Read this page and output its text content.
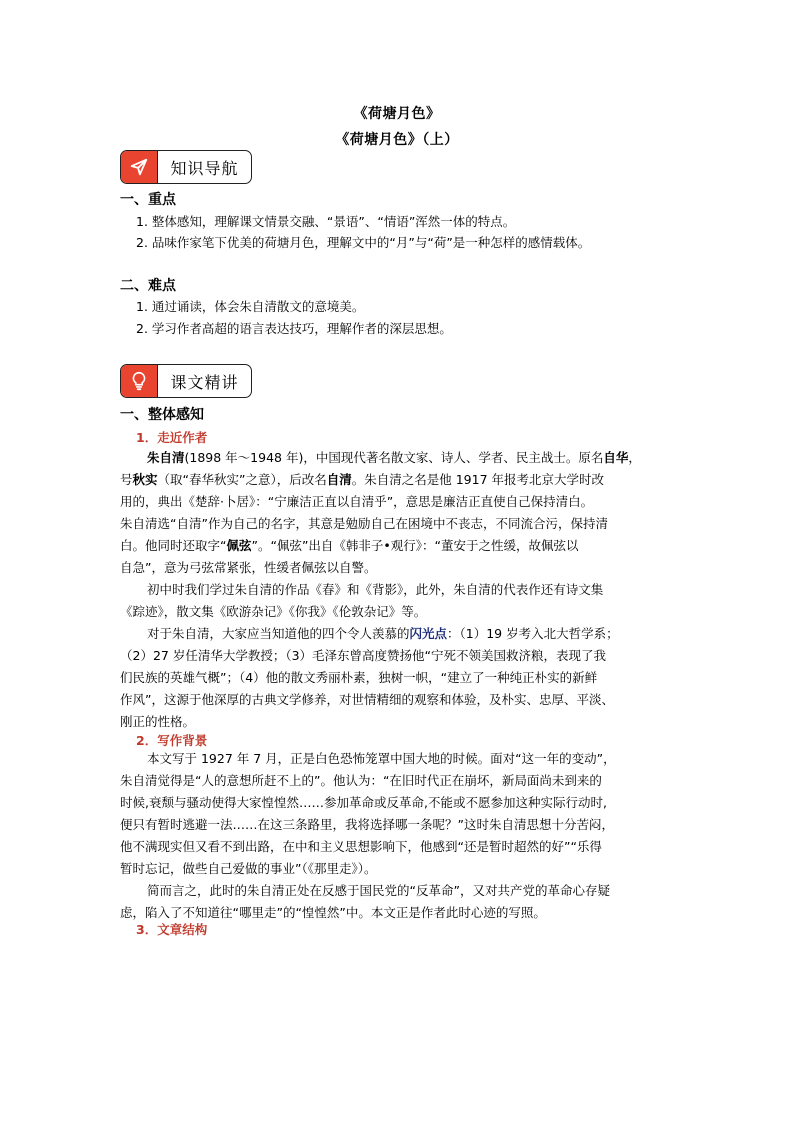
《荷塘月色》
《荷塘月色》（上）
知识导航
一、重点
1. 整体感知，理解课文情景交融、“景语”、“情语”浑然一体的特点。
2. 品味作家笔下优美的荷塘月色，理解文中的“月”与“荷”是一种怎样的感情载体。
二、难点
1. 通过诵读，体会朱自清散文的意境美。
2. 学习作者高超的语言表达技巧，理解作者的深层思想。
课文精讲
一、整体感知
1．走近作者
朱自清(1898 年～1948 年)，中国现代著名散文家、诗人、学者、民主战士。原名自华，
号秋实（取“春华秋实”之意），后改名自清。朱自清之名是他 1917 年报考北京大学时改
用的，典出《楚辞·卜居》：“宁廉洁正直以自清乎”，意思是廉洁正直使自己保持清白。
朱自清选“自清”作为自己的名字，其意是勉励自己在困境中不丧志，不同流合污，保持清
白。他同时还取字“佩弦”。“佩弦”出自《韩非子•观行》：“董安于之性缓，故佩弦以
自急”，意为弓弦常紧张，性缓者佩弦以自警。
初中时我们学过朱自清的作品《春》和《背影》，此外，朱自清的代表作还有诗文集
《踪迹》，散文集《欧游杂记》《你我》《伦敦杂记》等。
对于朱自清，大家应当知道他的四个令人羡慕的闪光点：（1）19 岁考入北大哲学系；
（2）27 岁任清华大学教授；（3）毛泽东曾高度赞扬他“宁死不领美国救济粮，表现了我
们民族的英雄气概”；（4）他的散文秀丽朴素，独树一帜，“建立了一种纯正朴实的新鲜
作风”，这源于他深厚的古典文学修养，对世情精细的观察和体验，及朴实、忠厚、平淡、
刚正的性格。
2．写作背景
本文写于 1927 年 7 月，正是白色恐怖笼罩中国大地的时候。面对“这一年的变动”，
朱自清觉得是“人的意想所赶不上的”。他认为：“在旧时代正在崩坏，新局面尚未到来的
时候,衰颓与骚动使得大家惶惶然……参加革命或反革命,不能或不愿参加这种实际行动时,
便只有暂时逃避一法……在这三条路里，我将选择哪一条呢？”这时朱自清思想十分苦闷，
他不满现实但又看不到出路，在中和主义思想影响下，他感到“还是暂时超然的好”“乐得
暂时忘记，做些自己爱做的事业”（《那里走》）。
简而言之，此时的朱自清正处在反感于国民党的“反革命”，又对共产党的革命心存疑
虑，陷入了不知道往“哪里走”的“惶惶然”中。本文正是作者此时心迹的写照。
3．文章结构
